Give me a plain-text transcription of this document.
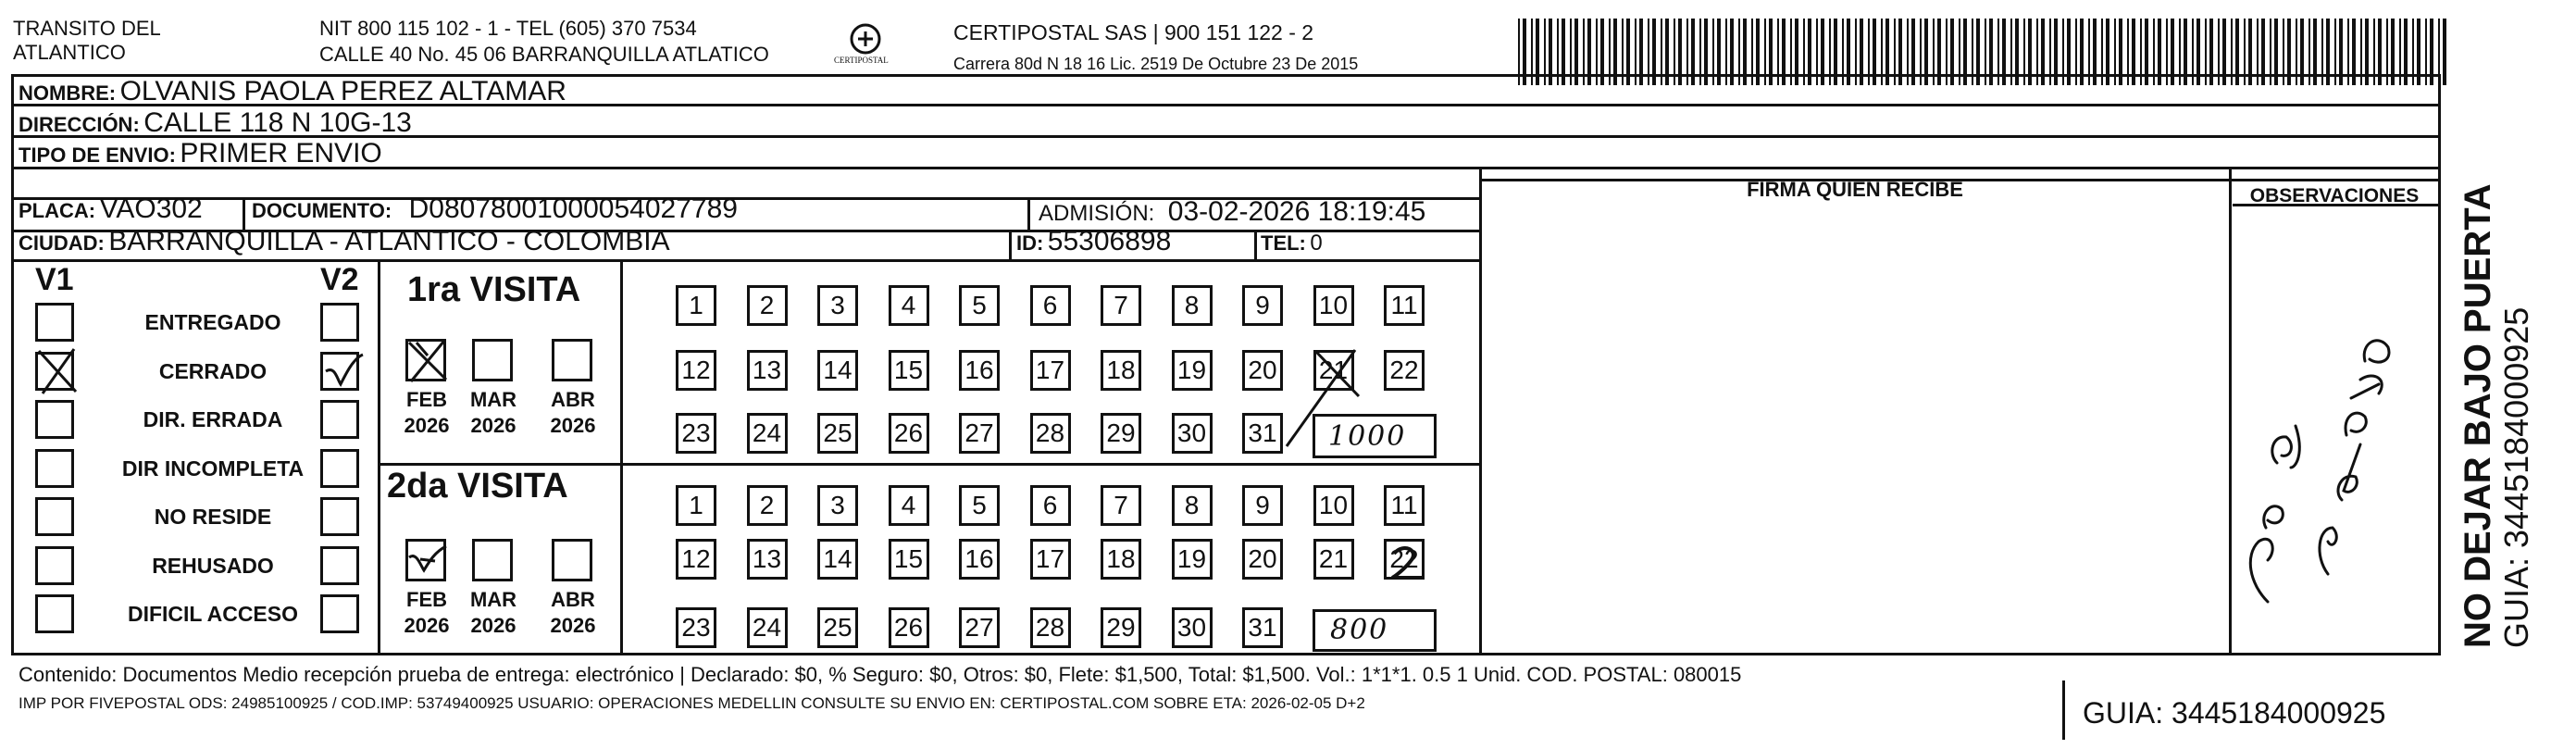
TRANSITO DEL
ATLANTICO
NIT 800 115 102 - 1 - TEL (605) 370 7534
CALLE 40 No. 45 06 BARRANQUILLA ATLATICO	CERTIPOSTAL
CERTIPOSTAL SAS | 900 151 122 - 2
Carrera 80d N 18 16 Lic. 2519 De Octubre 23 De 2015
NOMBRE: OLVANIS PAOLA PEREZ ALTAMAR
DIRECCIÓN: CALLE 118 N 10G-13
TIPO DE ENVIO: PRIMER ENVIO
PLACA: VAO302 DOCUMENTO: D08078001000054027789	ADMISIÓN: 03-02-2026 18:19:45
CIUDAD: BARRANQUILLA - ATLANTICO - COLOMBIA	ID: 55306898	TEL: 0
FIRMA QUIEN RECIBE	OBSERVACIONES
V1	V2
ENTREGADO
CERRADO
DIR. ERRADA
DIR INCOMPLETA
NO RESIDE
REHUSADO
DIFICIL ACCESO
1ra VISITA
FEB
2026
MAR
2026
ABR
2026
1	2	3	4	5	6	7	8	9	10 11
12 13 14 15 16 17 18 19 20 21 22
23 24 25 26 27 28 29 30 31 1000
2da VISITA
FEB
2026
MAR
2026
ABR
2026
1	2	3	4	5	6	7	8	9	10 11
12 13 14 15 16 17 18 19 20 21 22
23 24 25 26 27 28 29 30 31 800
Contenido: Documentos Medio recepción prueba de entrega: electrónico | Declarado: $0, % Seguro: $0, Otros: $0, Flete: $1,500, Total: $1,500. Vol.: 1*1*1. 0.5 1 Unid. COD. POSTAL: 080015
IMP POR FIVEPOSTAL ODS: 24985100925 / COD.IMP: 53749400925 USUARIO: OPERACIONES MEDELLIN CONSULTE SU ENVIO EN: CERTIPOSTAL.COM SOBRE ETA: 2026-02-05 D+2	GUIA: 3445184000925
NO DEJAR BAJO PUERTA GUIA: 3445184000925
